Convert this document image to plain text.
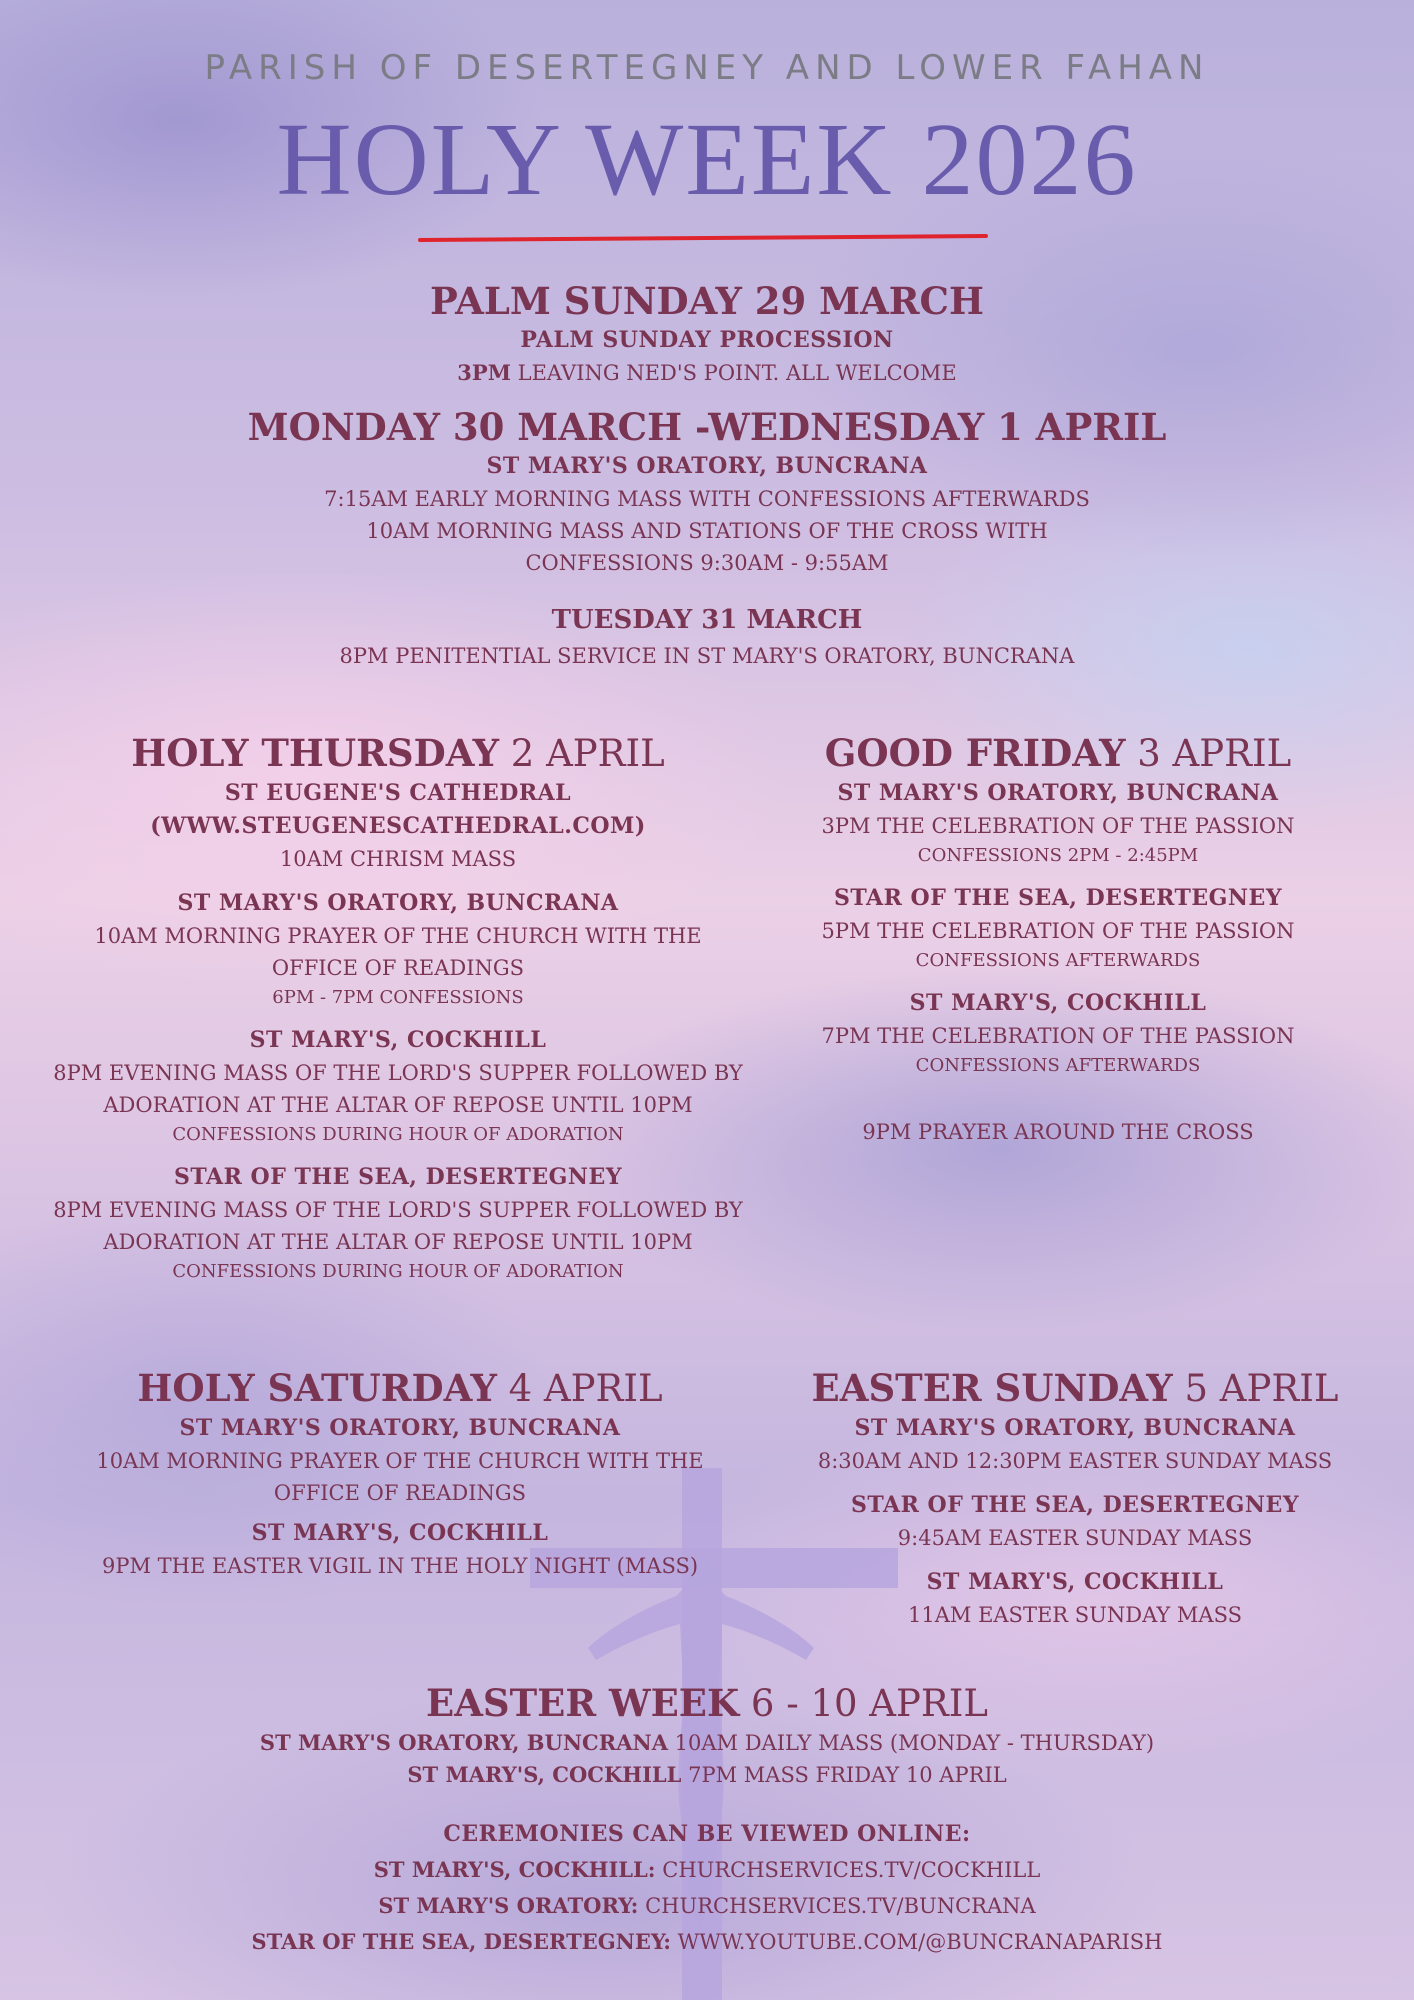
PARISH OF DESERTEGNEY AND LOWER FAHAN
HOLY WEEK 2026
PALM SUNDAY 29 MARCH
PALM SUNDAY PROCESSION
3PM LEAVING NED'S POINT. ALL WELCOME
MONDAY 30 MARCH -WEDNESDAY 1 APRIL
ST MARY'S ORATORY, BUNCRANA
7:15AM EARLY MORNING MASS WITH CONFESSIONS AFTERWARDS
10AM MORNING MASS AND STATIONS OF THE CROSS WITH
CONFESSIONS 9:30AM - 9:55AM
TUESDAY 31 MARCH
8PM PENITENTIAL SERVICE IN ST MARY'S ORATORY, BUNCRANA
HOLY THURSDAY 2 APRIL
ST EUGENE'S CATHEDRAL
(WWW.STEUGENESCATHEDRAL.COM)
10AM CHRISM MASS
ST MARY'S ORATORY, BUNCRANA
10AM MORNING PRAYER OF THE CHURCH WITH THE
OFFICE OF READINGS
6PM - 7PM CONFESSIONS
ST MARY'S, COCKHILL
8PM EVENING MASS OF THE LORD'S SUPPER FOLLOWED BY
ADORATION AT THE ALTAR OF REPOSE UNTIL 10PM
CONFESSIONS DURING HOUR OF ADORATION
STAR OF THE SEA, DESERTEGNEY
8PM EVENING MASS OF THE LORD'S SUPPER FOLLOWED BY
ADORATION AT THE ALTAR OF REPOSE UNTIL 10PM
CONFESSIONS DURING HOUR OF ADORATION
GOOD FRIDAY 3 APRIL
ST MARY'S ORATORY, BUNCRANA
3PM THE CELEBRATION OF THE PASSION
CONFESSIONS 2PM - 2:45PM
STAR OF THE SEA, DESERTEGNEY
5PM THE CELEBRATION OF THE PASSION
CONFESSIONS AFTERWARDS
ST MARY'S, COCKHILL
7PM THE CELEBRATION OF THE PASSION
CONFESSIONS AFTERWARDS
9PM PRAYER AROUND THE CROSS
HOLY SATURDAY 4 APRIL
ST MARY'S ORATORY, BUNCRANA
10AM MORNING PRAYER OF THE CHURCH WITH THE
OFFICE OF READINGS
ST MARY'S, COCKHILL
9PM THE EASTER VIGIL IN THE HOLY NIGHT (MASS)
EASTER SUNDAY 5 APRIL
ST MARY'S ORATORY, BUNCRANA
8:30AM AND 12:30PM EASTER SUNDAY MASS
STAR OF THE SEA, DESERTEGNEY
9:45AM EASTER SUNDAY MASS
ST MARY'S, COCKHILL
11AM EASTER SUNDAY MASS
EASTER WEEK 6 - 10 APRIL
ST MARY'S ORATORY, BUNCRANA 10AM DAILY MASS (MONDAY - THURSDAY)
ST MARY'S, COCKHILL 7PM MASS FRIDAY 10 APRIL
CEREMONIES CAN BE VIEWED ONLINE:
ST MARY'S, COCKHILL: CHURCHSERVICES.TV/COCKHILL
ST MARY'S ORATORY: CHURCHSERVICES.TV/BUNCRANA
STAR OF THE SEA, DESERTEGNEY: WWW.YOUTUBE.COM/@BUNCRANAPARISH
